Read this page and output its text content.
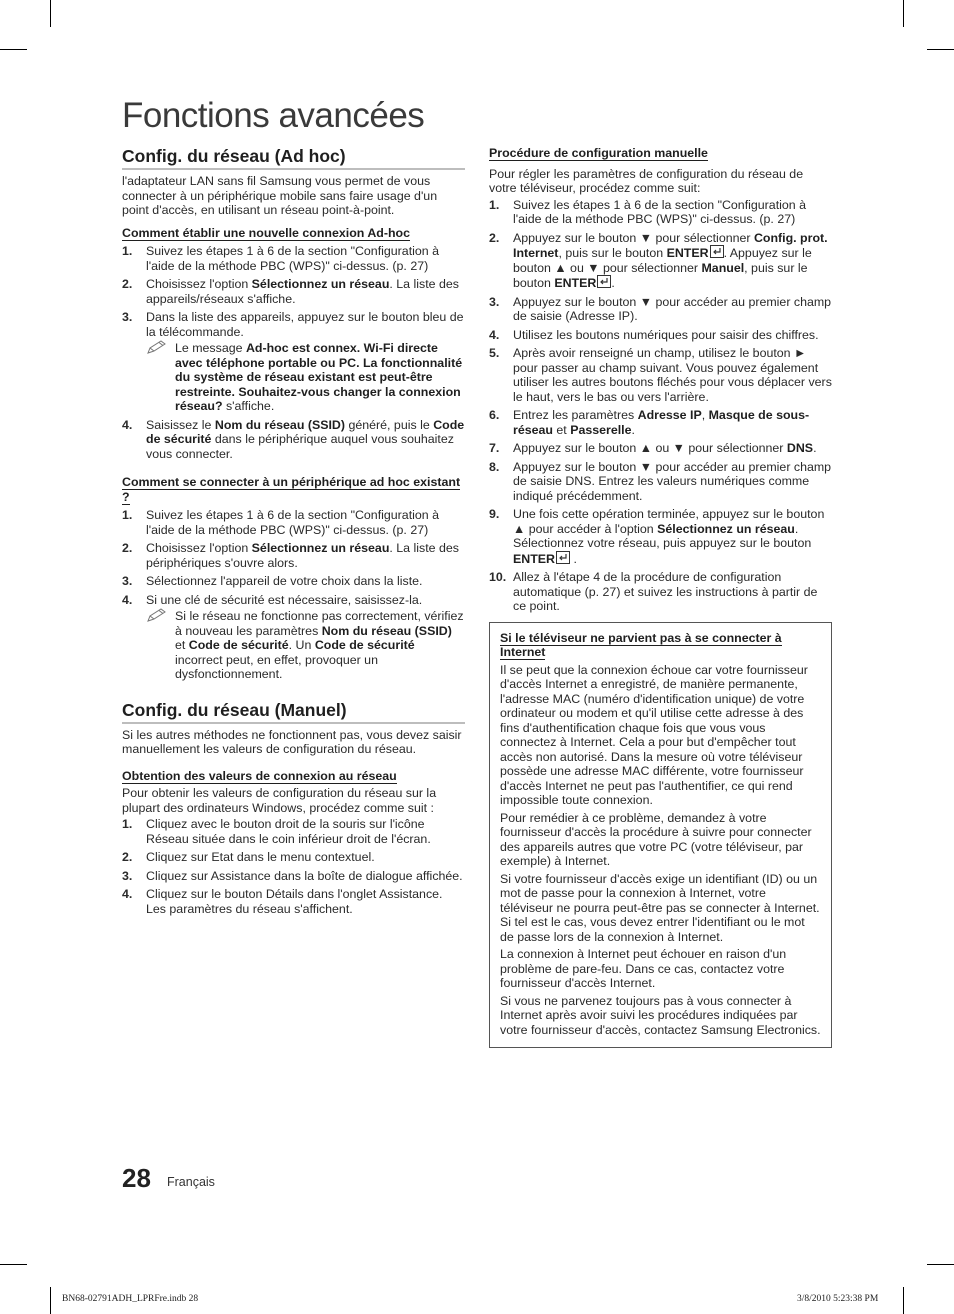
Fonctions avancées
Config. du réseau (Ad hoc)

l'adaptateur LAN sans fil Samsung vous permet de vous connecter à un périphérique mobile sans faire usage d'un point d'accès, en utilisant un réseau point-à-point.

Comment établir une nouvelle connexion Ad-hoc

1. Suivez les étapes 1 à 6 de la section "Configuration à l'aide de la méthode PBC (WPS)" ci-dessus. (p. 27)
2. Choisissez l'option Sélectionnez un réseau. La liste des appareils/réseaux s'affiche.
3. Dans la liste des appareils, appuyez sur le bouton bleu de la télécommande.
Le message Ad-hoc est connex. Wi-Fi directe avec téléphone portable ou PC. La fonctionnalité du système de réseau existant est peut-être restreinte. Souhaitez-vous changer la connexion réseau? s'affiche.
4. Saisissez le Nom du réseau (SSID) généré, puis le Code de sécurité dans le périphérique auquel vous souhaitez vous connecter.

Comment se connecter à un périphérique ad hoc existant ?

1. Suivez les étapes 1 à 6 de la section "Configuration à l'aide de la méthode PBC (WPS)" ci-dessus. (p. 27)
2. Choisissez l'option Sélectionnez un réseau. La liste des périphériques s'ouvre alors.
3. Sélectionnez l'appareil de votre choix dans la liste.
4. Si une clé de sécurité est nécessaire, saisissez-la.
Si le réseau ne fonctionne pas correctement, vérifiez à nouveau les paramètres Nom du réseau (SSID) et Code de sécurité. Un Code de sécurité incorrect peut, en effet, provoquer un dysfonctionnement.
Config. du réseau (Manuel)

Si les autres méthodes ne fonctionnent pas, vous devez saisir manuellement les valeurs de configuration du réseau.

Obtention des valeurs de connexion au réseau

Pour obtenir les valeurs de configuration du réseau sur la plupart des ordinateurs Windows, procédez comme suit :

1. Cliquez avec le bouton droit de la souris sur l'icône Réseau située dans le coin inférieur droit de l'écran.
2. Cliquez sur Etat dans le menu contextuel.
3. Cliquez sur Assistance dans la boîte de dialogue affichée.
4. Cliquez sur le bouton Détails dans l'onglet Assistance. Les paramètres du réseau s'affichent.

Procédure de configuration manuelle

Pour régler les paramètres de configuration du réseau de votre téléviseur, procédez comme suit:

1. Suivez les étapes 1 à 6 de la section "Configuration à l'aide de la méthode PBC (WPS)" ci-dessus. (p. 27)
2. Appuyez sur le bouton ▼ pour sélectionner Config. prot. Internet, puis sur le bouton ENTER . Appuyez sur le bouton ▲ ou ▼ pour sélectionner Manuel, puis sur le bouton ENTER .
3. Appuyez sur le bouton ▼ pour accéder au premier champ de saisie (Adresse IP).
4. Utilisez les boutons numériques pour saisir des chiffres.
5. Après avoir renseigné un champ, utilisez le bouton ► pour passer au champ suivant. Vous pouvez également utiliser les autres boutons fléchés pour vous déplacer vers le haut, vers le bas ou vers l'arrière.
6. Entrez les paramètres Adresse IP, Masque de sous-réseau et Passerelle.
7. Appuyez sur le bouton ▲ ou ▼ pour sélectionner DNS.
8. Appuyez sur le bouton ▼ pour accéder au premier champ de saisie DNS. Entrez les valeurs numériques comme indiqué précédemment.
9. Une fois cette opération terminée, appuyez sur le bouton ▲ pour accéder à l'option Sélectionnez un réseau. Sélectionnez votre réseau, puis appuyez sur le bouton ENTER
.
10. Allez à l'étape 4 de la procédure de configuration automatique (p. 27) et suivez les instructions à partir de ce point.

Si le téléviseur ne parvient pas à se connecter à Internet

Il se peut que la connexion échoue car votre fournisseur d'accès Internet a enregistré, de manière permanente, l'adresse MAC (numéro d'identification unique) de votre ordinateur ou modem et qu'il utilise cette adresse à des fins d'authentification chaque fois que vous vous connectez à Internet. Cela a pour but d'empêcher tout accès non autorisé. Dans la mesure où votre téléviseur possède une adresse MAC différente, votre fournisseur d'accès Internet ne peut pas l'authentifier, ce qui rend impossible toute connexion.

Pour remédier à ce problème, demandez à votre fournisseur d'accès la procédure à suivre pour connecter des appareils autres que votre PC (votre téléviseur, par exemple) à Internet.

Si votre fournisseur d'accès exige un identifiant (ID) ou un mot de passe pour la connexion à Internet, votre téléviseur ne pourra peut-être pas se connecter à Internet. Si tel est le cas, vous devez entrer l'identifiant ou le mot de passe lors de la connexion à Internet.

La connexion à Internet peut échouer en raison d'un problème de pare-feu. Dans ce cas, contactez votre fournisseur d'accès Internet.

Si vous ne parvenez toujours pas à vous connecter à Internet après avoir suivi les procédures indiquées par votre fournisseur d'accès, contactez Samsung Electronics.

28 Français
BN68-02791ADH_LPRFre.indb 28	3/8/2010 5:23:38 PM
